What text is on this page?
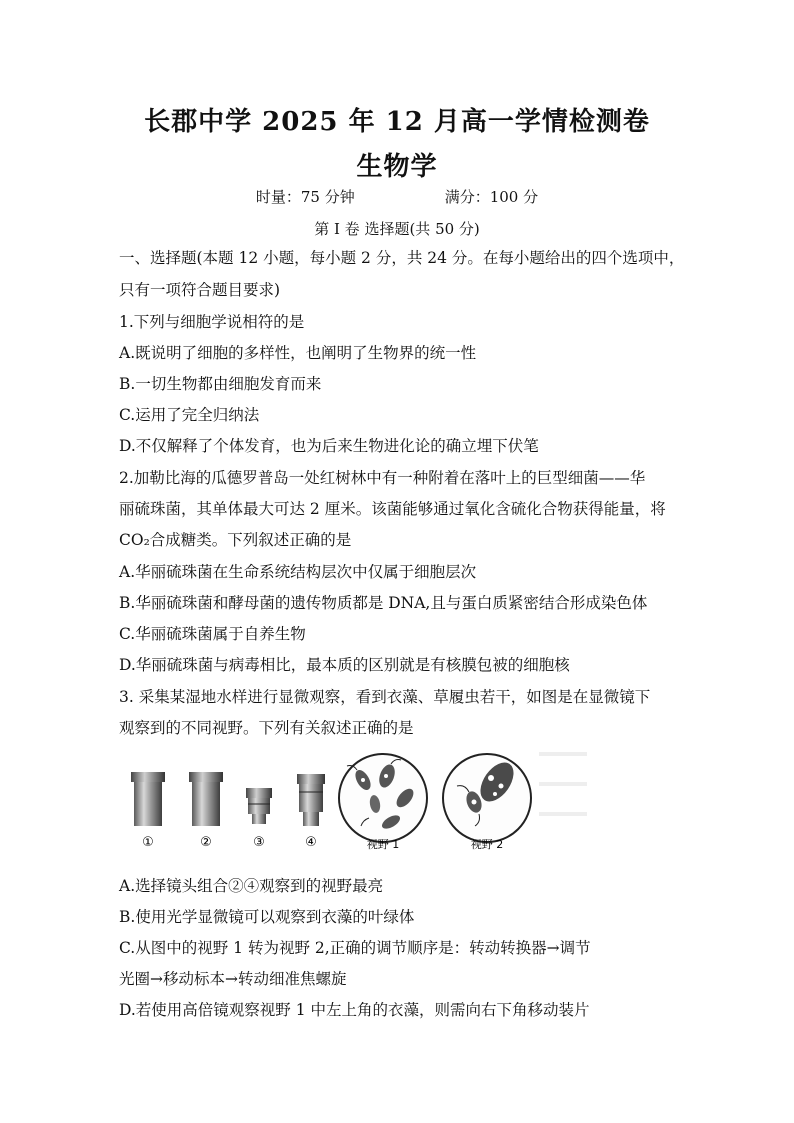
长郡中学 2025 年 12 月高一学情检测卷
生物学
时量：75 分钟	满分：100 分
第 I 卷 选择题(共 50 分)
一、选择题(本题 12 小题，每小题 2 分，共 24 分。在每小题给出的四个选项中，
只有一项符合题目要求)
1.下列与细胞学说相符的是
A.既说明了细胞的多样性，也阐明了生物界的统一性
B.一切生物都由细胞发育而来
C.运用了完全归纳法
D.不仅解释了个体发育，也为后来生物进化论的确立埋下伏笔
2.加勒比海的瓜德罗普岛一处红树林中有一种附着在落叶上的巨型细菌——华
丽硫珠菌，其单体最大可达 2 厘米。该菌能够通过氧化含硫化合物获得能量，将
CO₂合成糖类。下列叙述正确的是
A.华丽硫珠菌在生命系统结构层次中仅属于细胞层次
B.华丽硫珠菌和酵母菌的遗传物质都是 DNA,且与蛋白质紧密结合形成染色体
C.华丽硫珠菌属于自养生物
D.华丽硫珠菌与病毒相比，最本质的区别就是有核膜包被的细胞核
3. 采集某湿地水样进行显微观察，看到衣藻、草履虫若干，如图是在显微镜下
观察到的不同视野。下列有关叙述正确的是
①	②	③	④	视野 1	视野 2
A.选择镜头组合②④观察到的视野最亮
B.使用光学显微镜可以观察到衣藻的叶绿体
C.从图中的视野 1 转为视野 2,正确的调节顺序是：转动转换器→调节
光圈→移动标本→转动细准焦螺旋
D.若使用高倍镜观察视野 1 中左上角的衣藻，则需向右下角移动装片
